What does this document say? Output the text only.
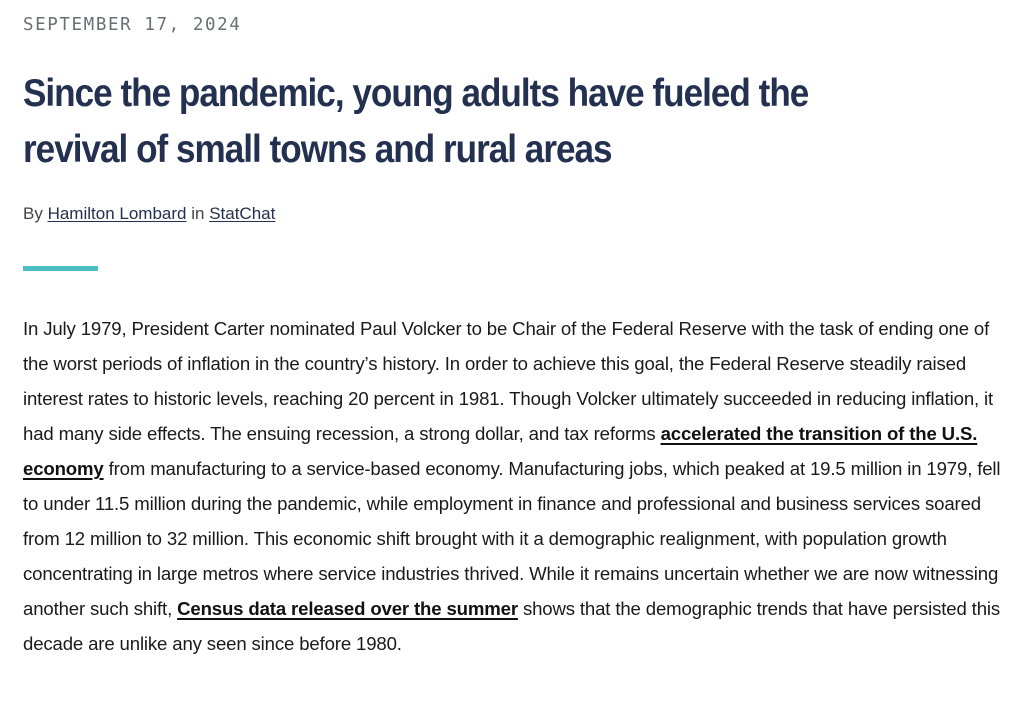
SEPTEMBER 17, 2024
Since the pandemic, young adults have fueled the revival of small towns and rural areas
By Hamilton Lombard in StatChat

In July 1979, President Carter nominated Paul Volcker to be Chair of the Federal Reserve with the task of ending one of the worst periods of inflation in the country’s history. In order to achieve this goal, the Federal Reserve steadily raised interest rates to historic levels, reaching 20 percent in 1981. Though Volcker ultimately succeeded in reducing inflation, it had many side effects. The ensuing recession, a strong dollar, and tax reforms accelerated the transition of the U.S. economy from manufacturing to a service-based economy. Manufacturing jobs, which peaked at 19.5 million in 1979, fell to under 11.5 million during the pandemic, while employment in finance and professional and business services soared from 12 million to 32 million. This economic shift brought with it a demographic realignment, with population growth concentrating in large metros where service industries thrived. While it remains uncertain whether we are now witnessing another such shift, Census data released over the summer shows that the demographic trends that have persisted this decade are unlike any seen since before 1980.
